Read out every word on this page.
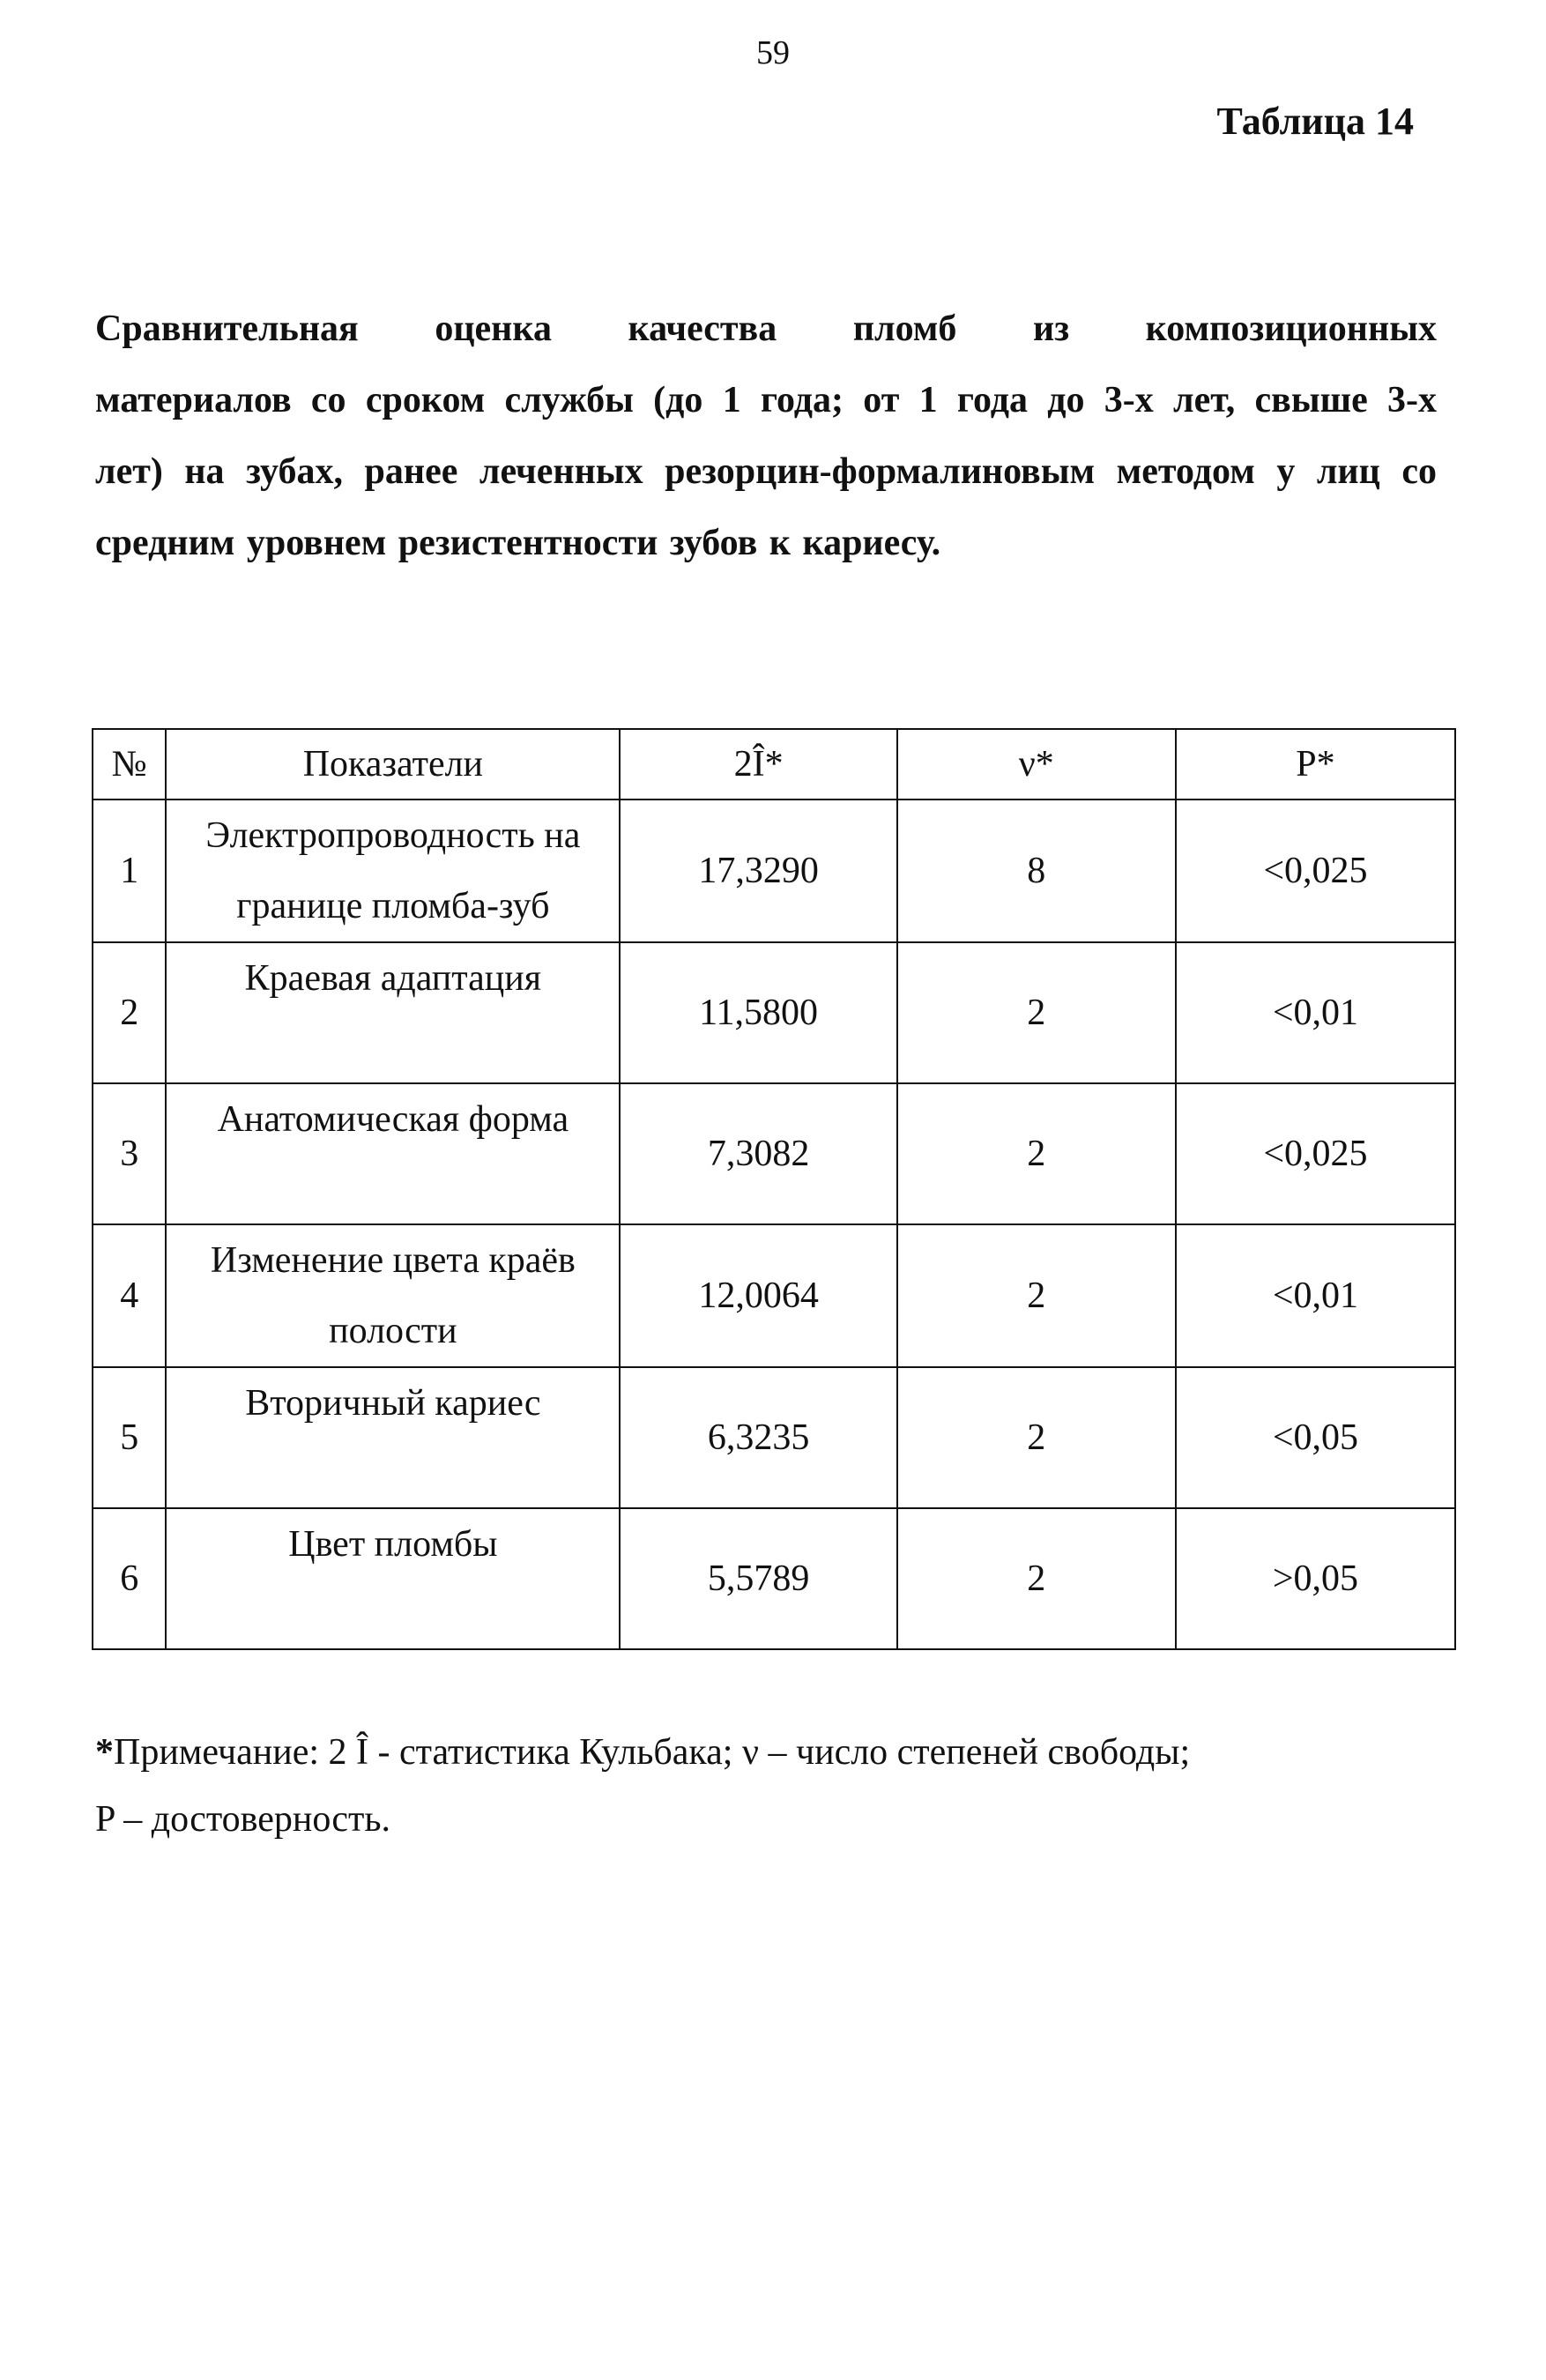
59
Таблица 14
Сравнительная оценка качества пломб из композиционных
материалов со сроком службы (до 1 года; от 1 года до 3-х лет, свыше 3-х
лет) на зубах, ранее леченных резорцин-формалиновым методом у лиц со
средним уровнем резистентности зубов к кариесу.
№	Показатели	2Î*	ν*	P*
1	Электропроводность на
границе пломба-зуб	17,3290	8	<0,025
2	Краевая адаптация	11,5800	2	<0,01
3	Анатомическая форма	7,3082	2	<0,025
4	Изменение цвета краёв
полости	12,0064	2	<0,01
5	Вторичный кариес	6,3235	2	<0,05
6	Цвет пломбы	5,5789	2	>0,05
*Примечание: 2 Î - статистика Кульбака; ν – число степеней свободы;
P – достоверность.
